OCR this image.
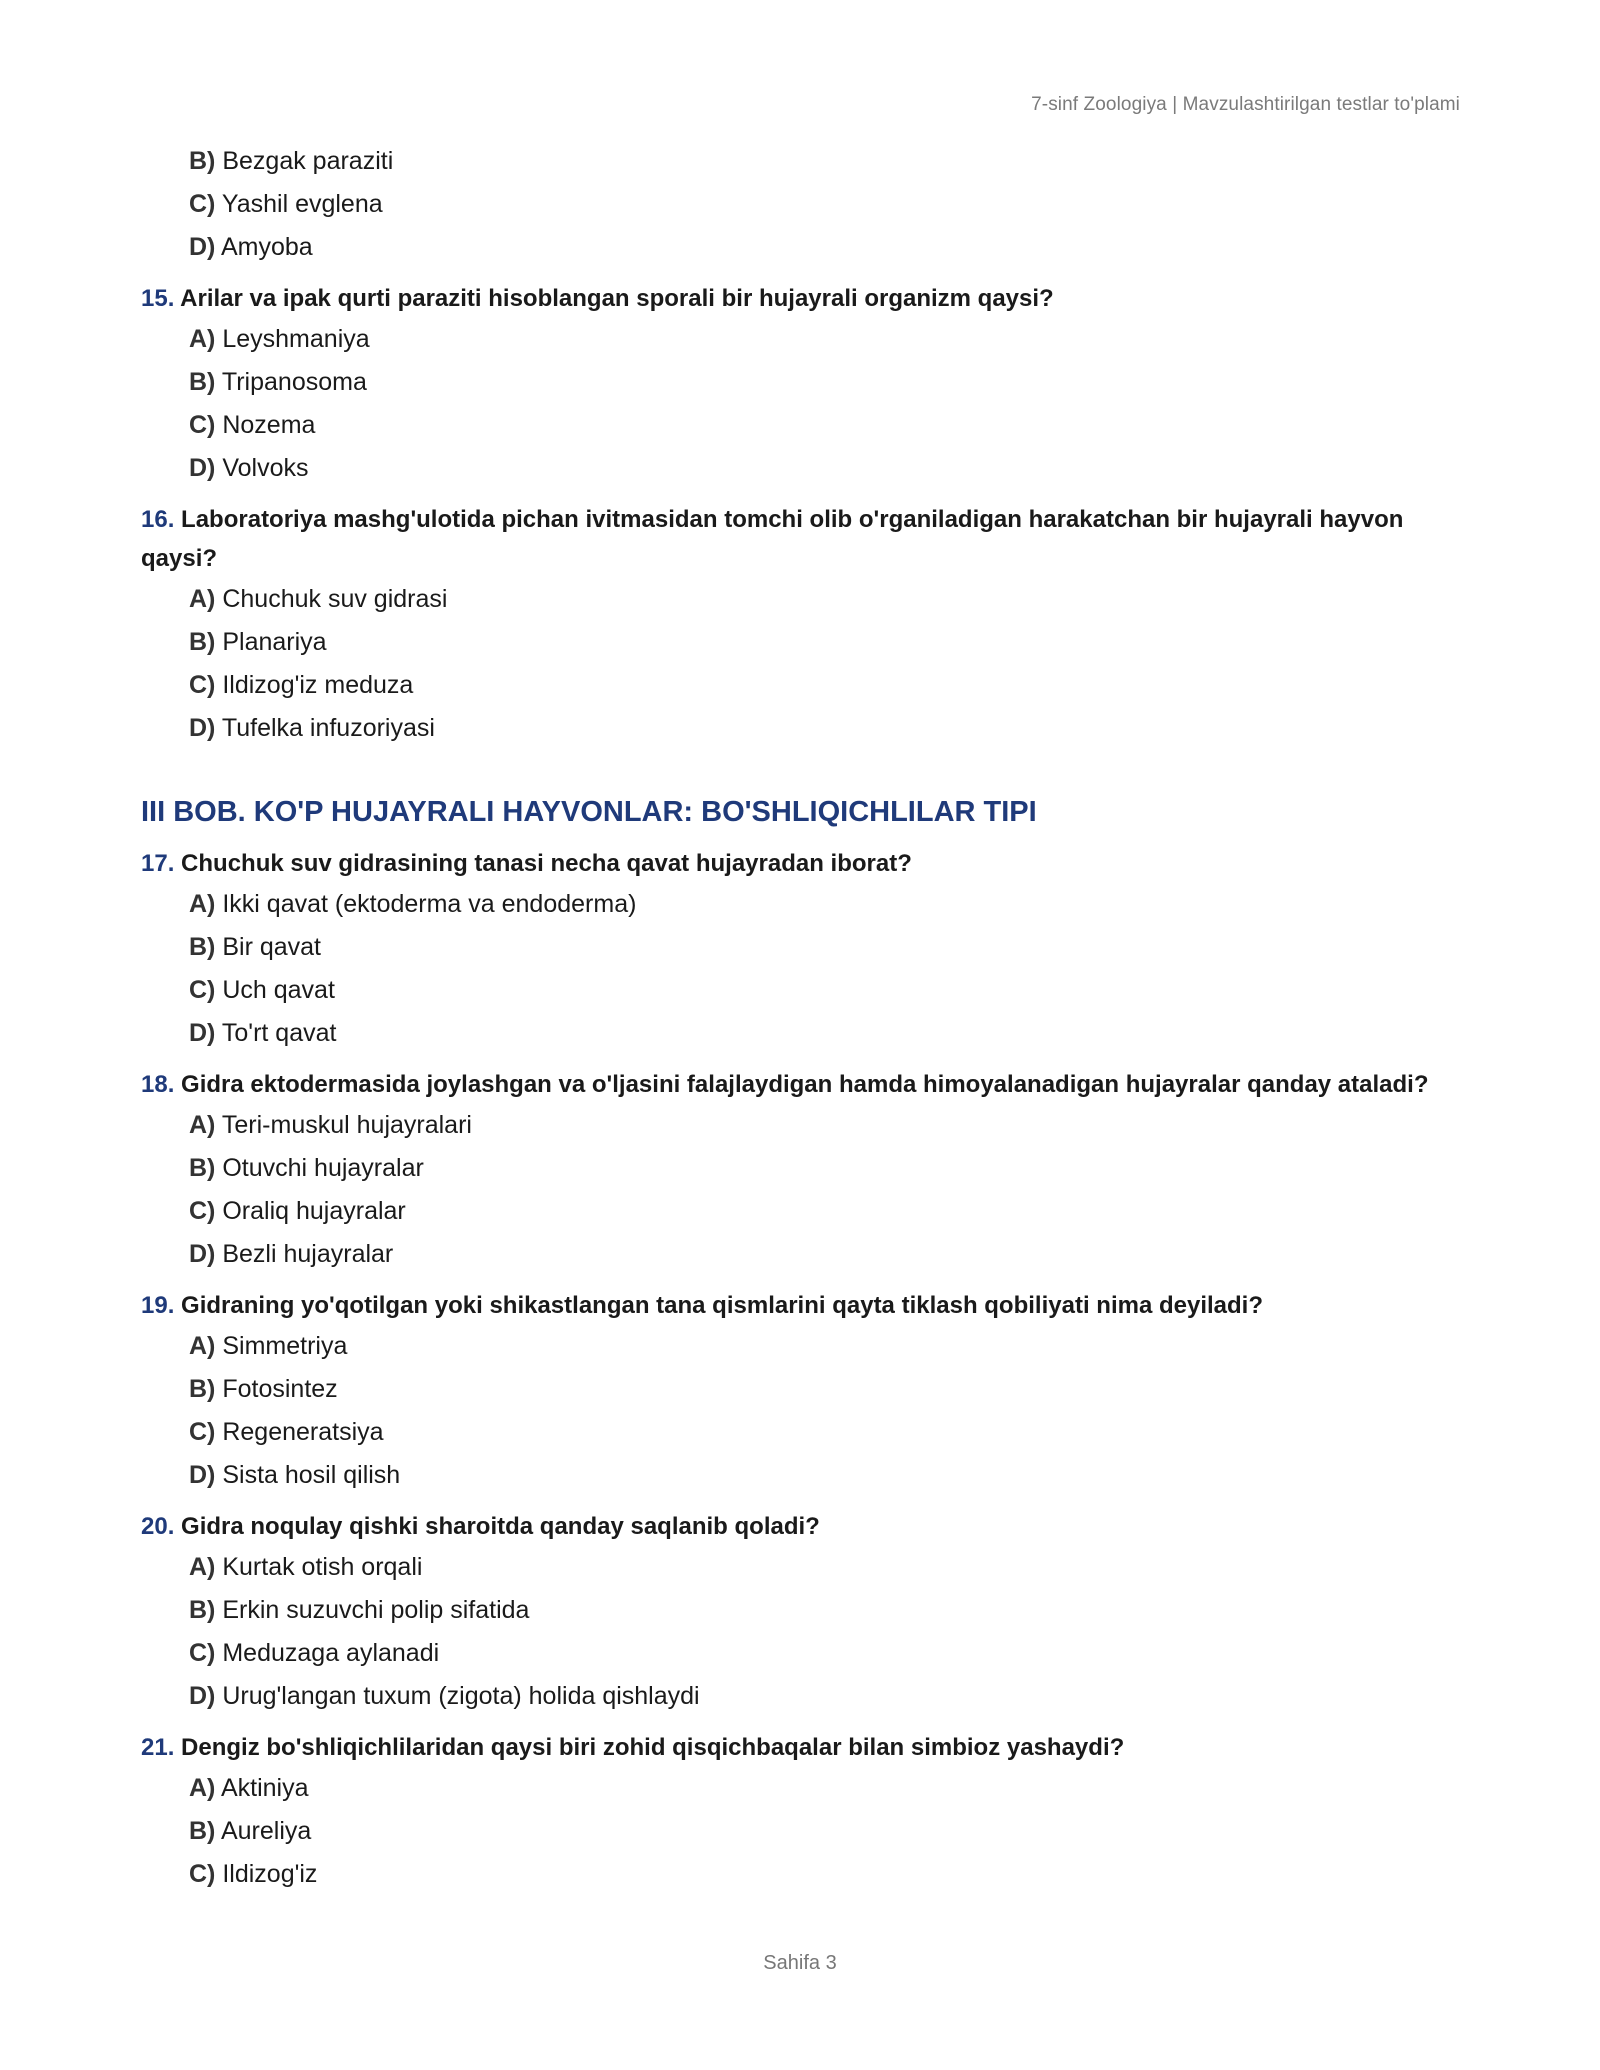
7-sinf Zoologiya | Mavzulashtirilgan testlar to'plami
B) Bezgak paraziti
C) Yashil evglena
D) Amyoba

15. Arilar va ipak qurti paraziti hisoblangan sporali bir hujayrali organizm qaysi?

A) Leyshmaniya
B) Tripanosoma
C) Nozema
D) Volvoks

16. Laboratoriya mashg'ulotida pichan ivitmasidan tomchi olib o'rganiladigan harakatchan bir hujayrali hayvon qaysi?

A) Chuchuk suv gidrasi
B) Planariya
C) Ildizog'iz meduza
D) Tufelka infuzoriyasi
III BOB. KO'P HUJAYRALI HAYVONLAR: BO'SHLIQICHLILAR TIPI

17. Chuchuk suv gidrasining tanasi necha qavat hujayradan iborat?

A) Ikki qavat (ektoderma va endoderma)
B) Bir qavat
C) Uch qavat
D) To'rt qavat

18. Gidra ektodermasida joylashgan va o'ljasini falajlaydigan hamda himoyalanadigan hujayralar qanday ataladi?

A) Teri-muskul hujayralari
B) Otuvchi hujayralar
C) Oraliq hujayralar
D) Bezli hujayralar

19. Gidraning yo'qotilgan yoki shikastlangan tana qismlarini qayta tiklash qobiliyati nima deyiladi?

A) Simmetriya
B) Fotosintez
C) Regeneratsiya
D) Sista hosil qilish

20. Gidra noqulay qishki sharoitda qanday saqlanib qoladi?

A) Kurtak otish orqali
B) Erkin suzuvchi polip sifatida
C) Meduzaga aylanadi
D) Urug'langan tuxum (zigota) holida qishlaydi

21. Dengiz bo'shliqichlilaridan qaysi biri zohid qisqichbaqalar bilan simbioz yashaydi?

A) Aktiniya
B) Aureliya
C) Ildizog'iz
Sahifa 3
